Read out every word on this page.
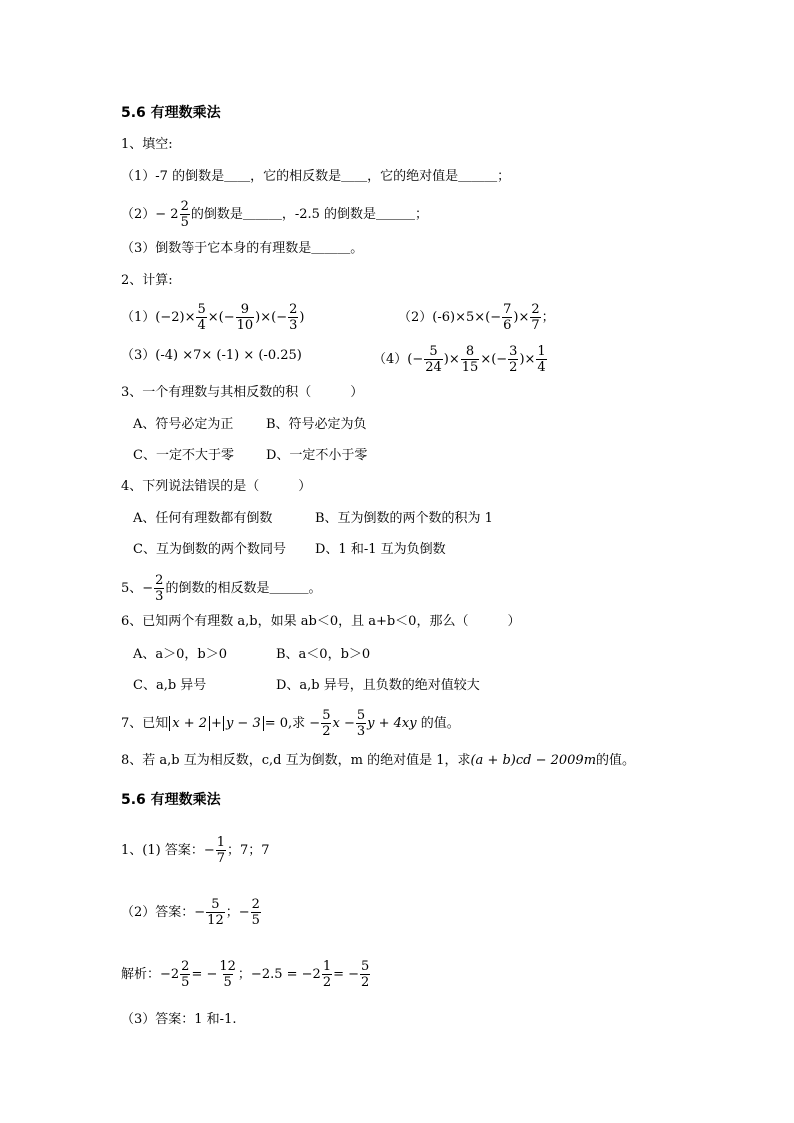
5.6 有理数乘法
1、填空:
（1）-7 的倒数是＿＿，它的相反数是＿＿，它的绝对值是＿＿＿；
$(2)- 2 \frac{2}{5}$ 的倒数是＿＿＿，-2.5 的倒数是＿＿＿；
（3）倒数等于它本身的有理数是＿＿＿。
2、计算:
$(1)(-2)\times \frac{5}{4}$ ×(− $\frac{9}{10}$ )×(− $\frac{2}{3}$ )	$(2)(-6)\times 5\times(- \frac{7}{6}$ )× $\frac{2}{7}$ ；
（3）(-4) ×7× (-1) × (-0.25)	$(4)(- \frac{5}{24}$ )× $\frac{8}{15}$ ×(− $\frac{3}{2}$ )× $\frac{1}{4}$
3、一个有理数与其相反数的积（　　　）
A、符号必定为正	B、符号必定为负
C、一定不大于零 D、一定不小于零
4、下列说法错误的是（　　　）
A、任何有理数都有倒数	B、互为倒数的两个数的积为 1
C、互为倒数的两个数同号 D、1 和-1 互为负倒数
5、− $\frac{2}{3}$ 的倒数的相反数是＿＿＿。
6、已知两个有理数 a,b，如果 ab＜0，且 a+b＜0，那么（　　　）
A、a＞0，b＞0	B、a＜0，b＞0
C、a,b 异号	D、a,b 异号，且负数的绝对值较大
7、已知 x + 2 + y − 3 = 0,求 − $\frac{5}{2}$ $x - \frac{5}{3}$ y + 4xy 的值。
8、若 a,b 互为相反数，c,d 互为倒数，m 的绝对值是 1，求(a + b)cd − 2009m的值。
5.6 有理数乘法
1、(1) 答案：− $\frac{1}{7}$ ；7；7
（2）答案：− $\frac{5}{12}$ ；− $\frac{2}{5}$
解析：$-2 \frac{2}{5}$ = − $\frac{12}{5}$ ；$-2.5 = -2 \frac{1}{2}$ = − $\frac{5}{2}$
（3）答案：1 和-1.
